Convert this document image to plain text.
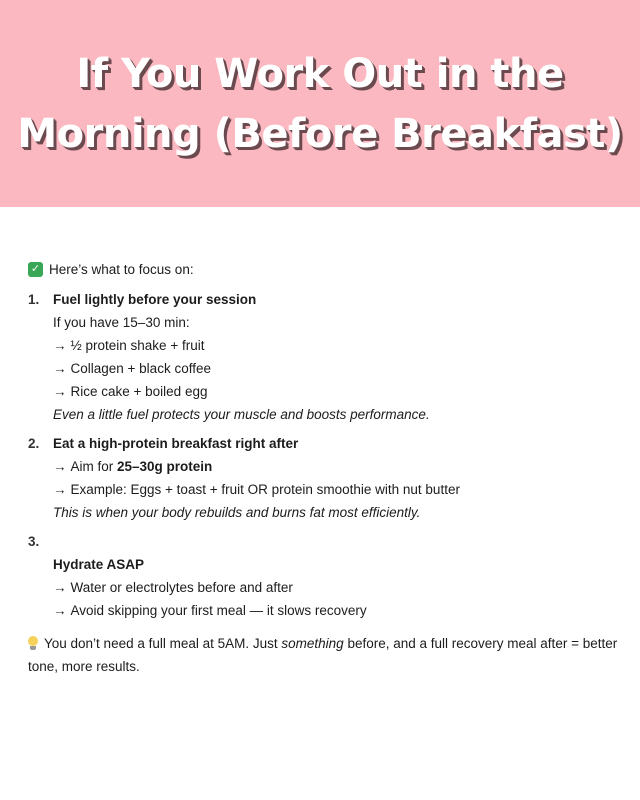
If You Work Out in the
Morning (Before Breakfast)
✓ Here’s what to focus on:
1. Fuel lightly before your session
If you have 15–30 min:
→ ½ protein shake + fruit
→ Collagen + black coffee
→ Rice cake + boiled egg
Even a little fuel protects your muscle and boosts performance.
2. Eat a high-protein breakfast right after
→ Aim for 25–30g protein
→ Example: Eggs + toast + fruit OR protein smoothie with nut butter
This is when your body rebuilds and burns fat most efficiently.
3.
Hydrate ASAP
→ Water or electrolytes before and after
→ Avoid skipping your first meal — it slows recovery

You don’t need a full meal at 5AM. Just something before, and a full recovery meal after = better tone, more results.
